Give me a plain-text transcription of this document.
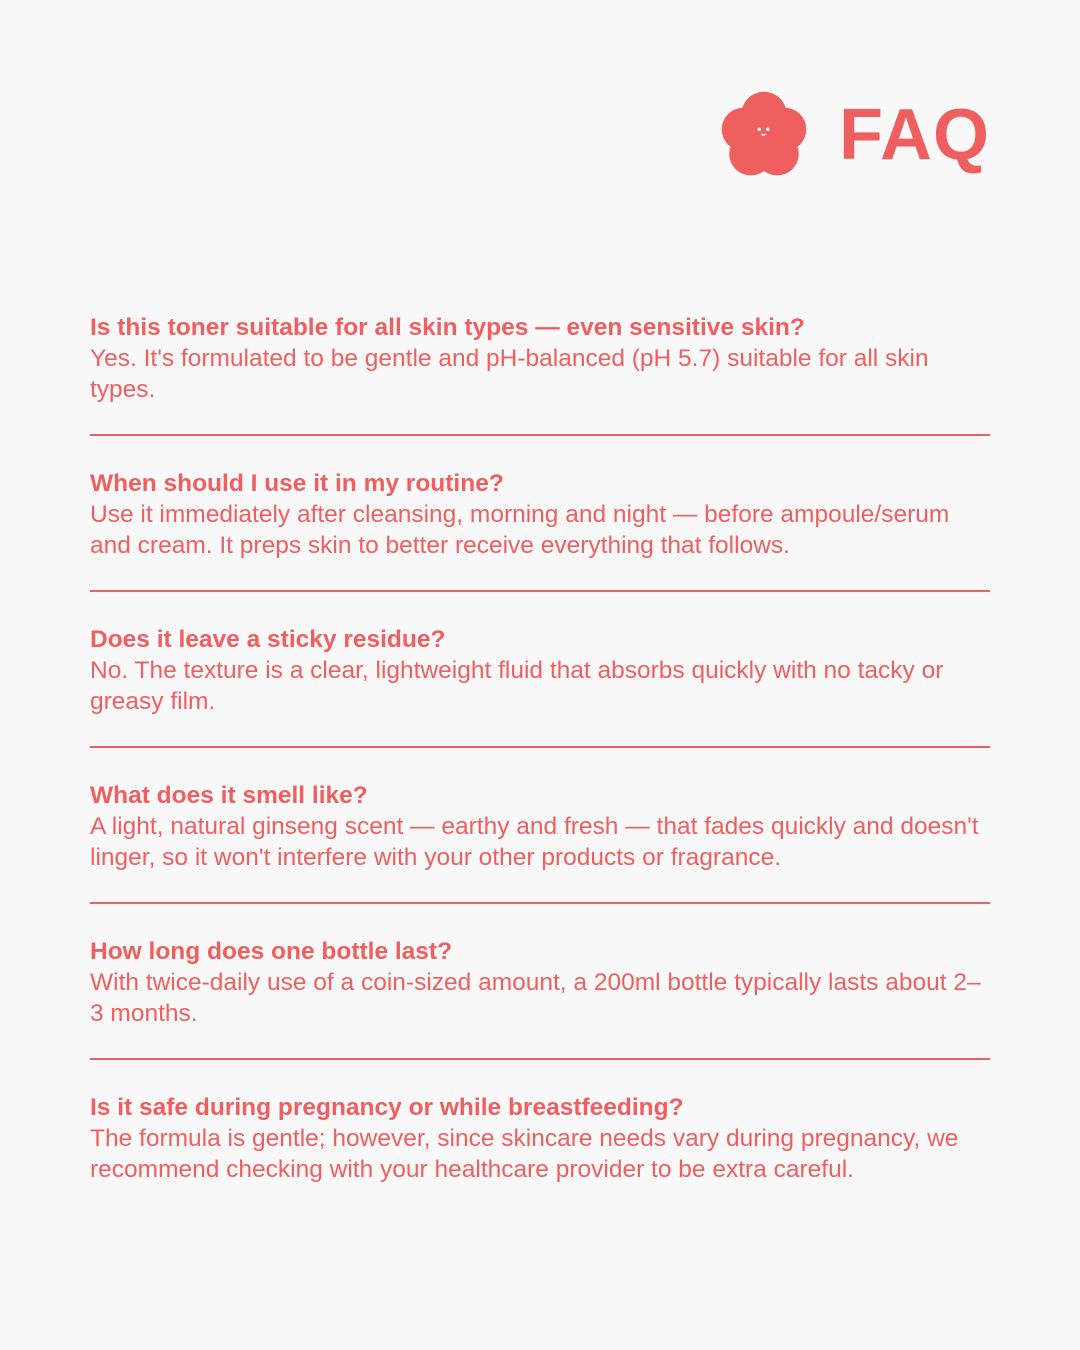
FAQ

Is this toner suitable for all skin types — even sensitive skin?

Yes. It's formulated to be gentle and pH-balanced (pH 5.7) suitable for all skin types.

When should I use it in my routine?

Use it immediately after cleansing, morning and night — before ampoule/serum and cream. It preps skin to better receive everything that follows.

Does it leave a sticky residue?

No. The texture is a clear, lightweight fluid that absorbs quickly with no tacky or greasy film.

What does it smell like?

A light, natural ginseng scent — earthy and fresh — that fades quickly and doesn't linger, so it won't interfere with your other products or fragrance.

How long does one bottle last?

With twice-daily use of a coin-sized amount, a 200ml bottle typically lasts about 2–3 months.

Is it safe during pregnancy or while breastfeeding?

The formula is gentle; however, since skincare needs vary during pregnancy, we recommend checking with your healthcare provider to be extra careful.
